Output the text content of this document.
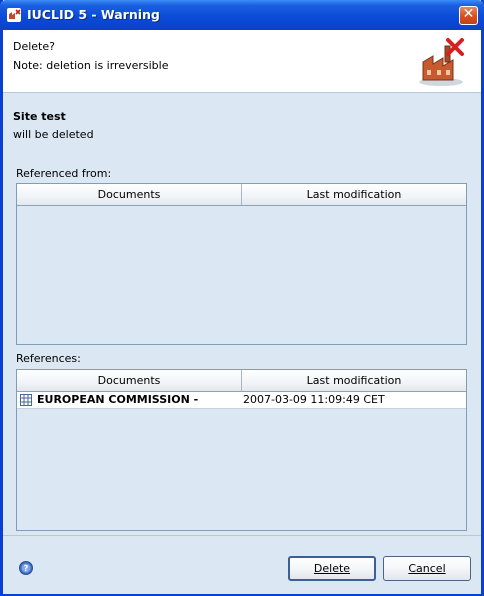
IUCLID 5 - Warning	✕
Delete?
Note: deletion is irreversible
Site test
will be deleted
Referenced from:
Documents	Last modification
References:
Documents	Last modification
EUROPEAN COMMISSION -	2007-03-09 11:09:49 CET
?	Delete	Cancel
